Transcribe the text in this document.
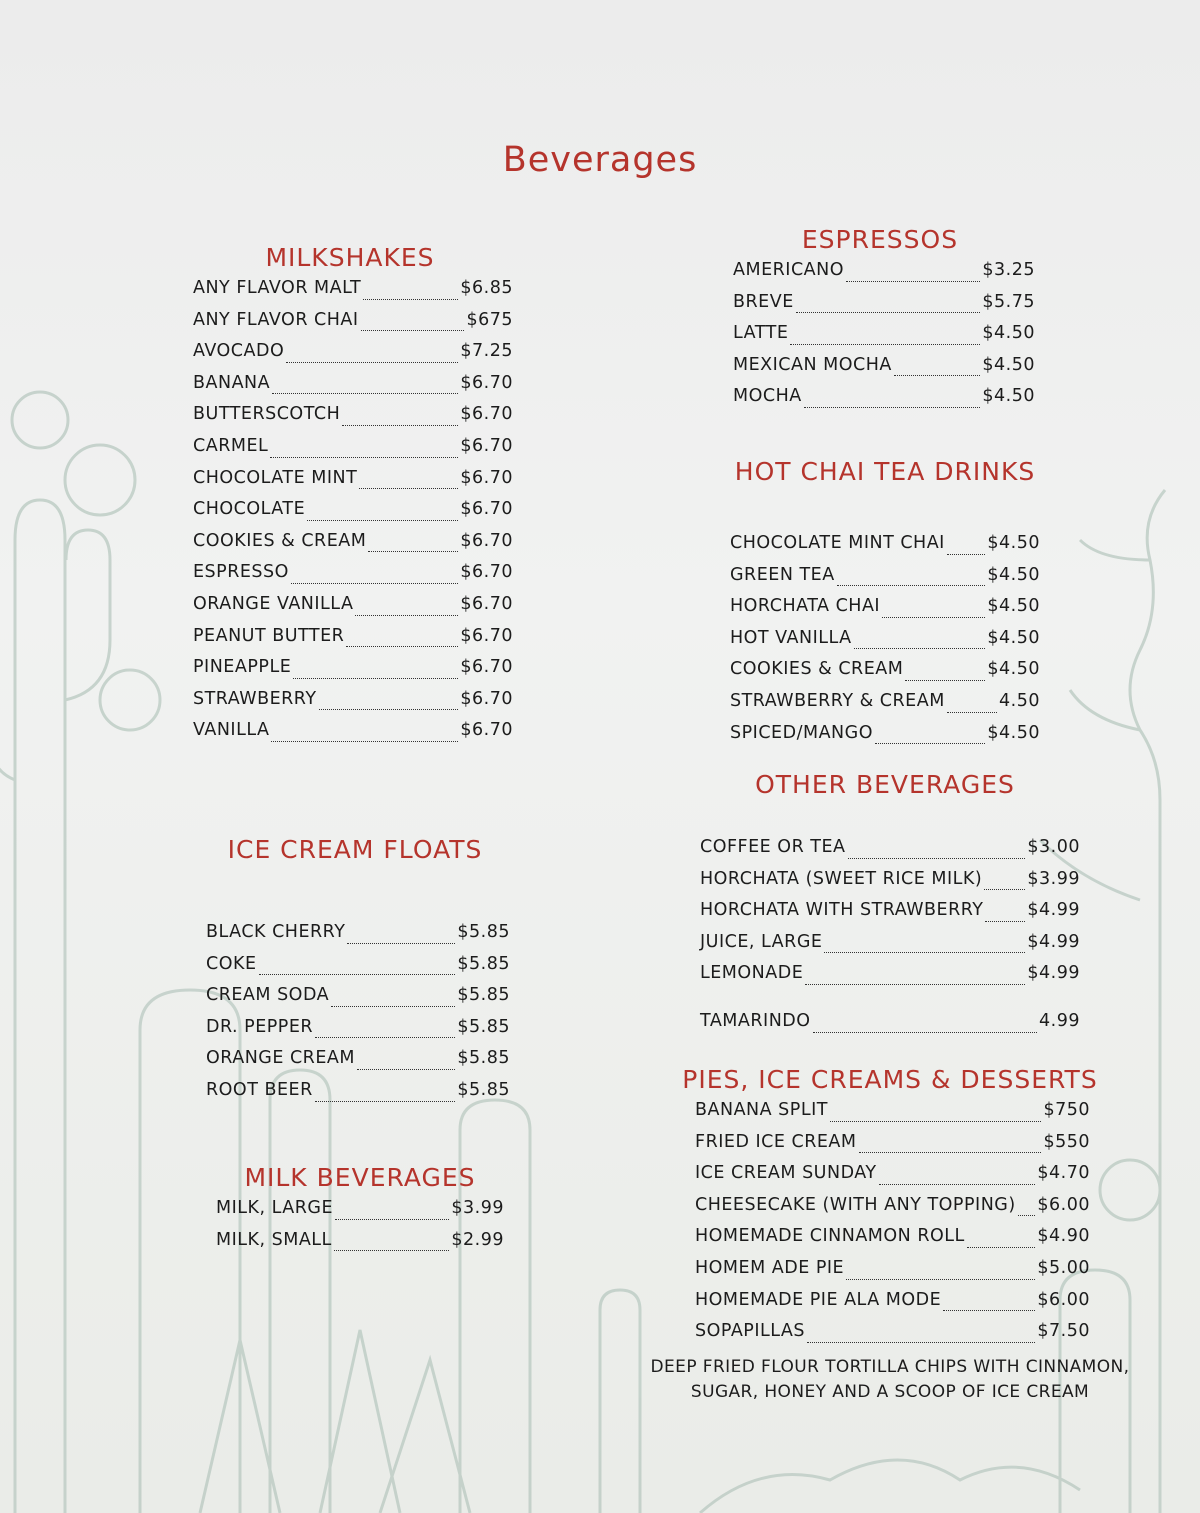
Beverages
MILKSHAKES
ANY FLAVOR MALT	$6.85
ANY FLAVOR CHAI	$675
AVOCADO	$7.25
BANANA	$6.70
BUTTERSCOTCH	$6.70
CARMEL	$6.70
CHOCOLATE MINT	$6.70
CHOCOLATE	$6.70
COOKIES & CREAM	$6.70
ESPRESSO	$6.70
ORANGE VANILLA	$6.70
PEANUT BUTTER	$6.70
PINEAPPLE	$6.70
STRAWBERRY	$6.70
VANILLA	$6.70
ICE CREAM FLOATS
BLACK CHERRY	$5.85
COKE	$5.85
CREAM SODA	$5.85
DR. PEPPER	$5.85
ORANGE CREAM	$5.85
ROOT BEER	$5.85
MILK BEVERAGES
MILK, LARGE	$3.99
MILK, SMALL	$2.99
ESPRESSOS
AMERICANO	$3.25
BREVE	$5.75
LATTE	$4.50
MEXICAN MOCHA	$4.50
MOCHA	$4.50
HOT CHAI TEA DRINKS
CHOCOLATE MINT CHAI $4.50
GREEN TEA	$4.50
HORCHATA CHAI	$4.50
HOT VANILLA	$4.50
COOKIES & CREAM	$4.50
STRAWBERRY & CREAM	4.50
SPICED/MANGO	$4.50
OTHER BEVERAGES
COFFEE OR TEA	$3.00
HORCHATA (SWEET RICE MILK)	$3.99
HORCHATA WITH STRAWBERRY	$4.99
JUICE, LARGE	$4.99
LEMONADE	$4.99
TAMARINDO	4.99
PIES, ICE CREAMS & DESSERTS
BANANA SPLIT	$750
FRIED ICE CREAM	$550
ICE CREAM SUNDAY	$4.70
CHEESECAKE (WITH ANY TOPPING) $6.00
HOMEMADE CINNAMON ROLL	$4.90
HOMEM ADE PIE	$5.00
HOMEMADE PIE ALA MODE	$6.00
SOPAPILLAS	$7.50
DEEP FRIED FLOUR TORTILLA CHIPS WITH CINNAMON, SUGAR, HONEY AND A SCOOP OF ICE CREAM
